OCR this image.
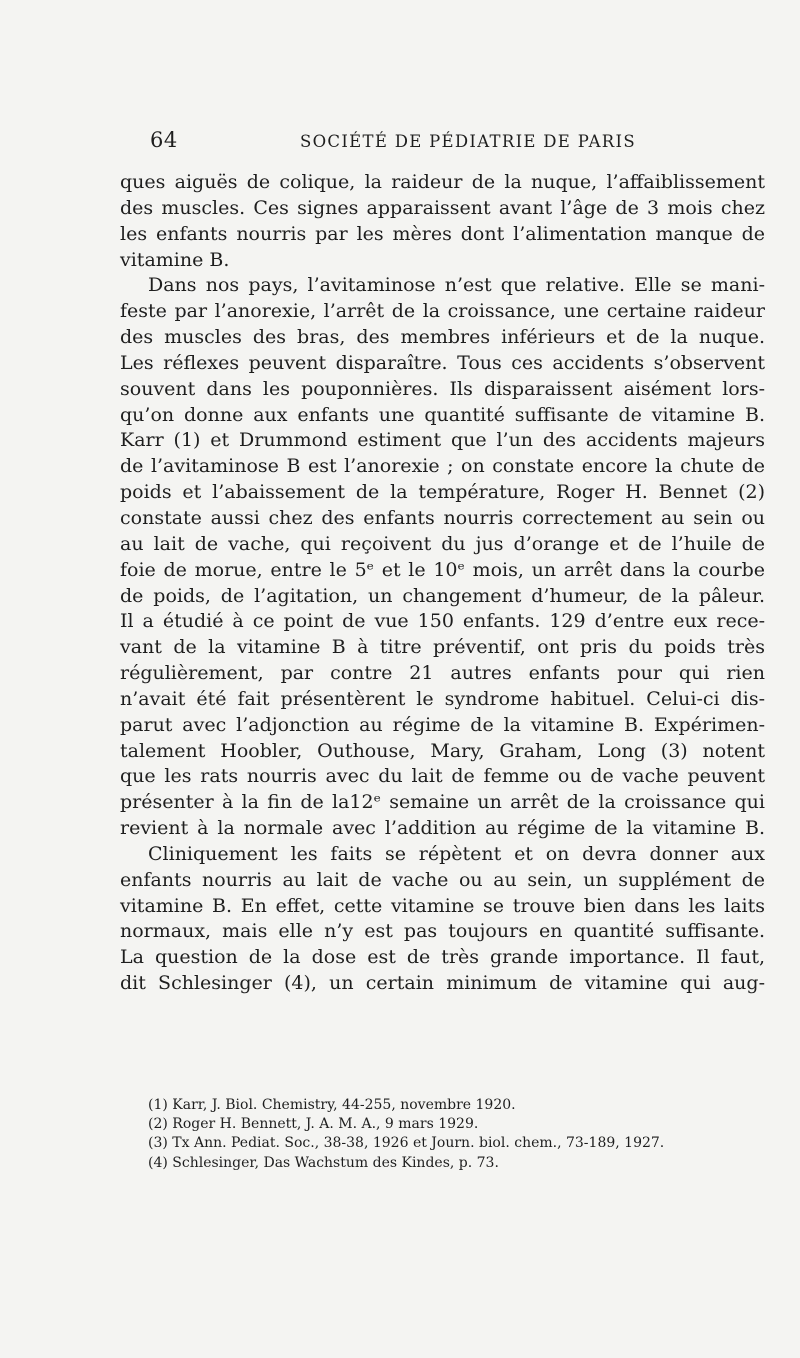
64	SOCIÉTÉ DE PÉDIATRIE DE PARIS
ques aiguës de colique, la raideur de la nuque, l’affaiblissement
des muscles. Ces signes apparaissent avant l’âge de 3 mois chez
les enfants nourris par les mères dont l’alimentation manque de
vitamine B.
Dans nos pays, l’avitaminose n’est que relative. Elle se mani-
feste par l’anorexie, l’arrêt de la croissance, une certaine raideur
des muscles des bras, des membres inférieurs et de la nuque.
Les réflexes peuvent disparaître. Tous ces accidents s’observent
souvent dans les pouponnières. Ils disparaissent aisément lors-
qu’on donne aux enfants une quantité suffisante de vitamine B.
Karr (1) et Drummond estiment que l’un des accidents majeurs
de l’avitaminose B est l’anorexie ; on constate encore la chute de
poids et l’abaissement de la température, Roger H. Bennet (2)
constate aussi chez des enfants nourris correctement au sein ou
au lait de vache, qui reçoivent du jus d’orange et de l’huile de
foie de morue, entre le 5ᵉ et le 10ᵉ mois, un arrêt dans la courbe
de poids, de l’agitation, un changement d’humeur, de la pâleur.
Il a étudié à ce point de vue 150 enfants. 129 d’entre eux rece-
vant de la vitamine B à titre préventif, ont pris du poids très
régulièrement, par contre 21 autres enfants pour qui rien
n’avait été fait présentèrent le syndrome habituel. Celui-ci dis-
parut avec l’adjonction au régime de la vitamine B. Expérimen-
talement Hoobler, Outhouse, Mary, Graham, Long (3) notent
que les rats nourris avec du lait de femme ou de vache peuvent
présenter à la fin de la12ᵉ semaine un arrêt de la croissance qui
revient à la normale avec l’addition au régime de la vitamine B.
Cliniquement les faits se répètent et on devra donner aux
enfants nourris au lait de vache ou au sein, un supplément de
vitamine B. En effet, cette vitamine se trouve bien dans les laits
normaux, mais elle n’y est pas toujours en quantité suffisante.
La question de la dose est de très grande importance. Il faut,
dit Schlesinger (4), un certain minimum de vitamine qui aug-
(1) Karr, J. Biol. Chemistry, 44-255, novembre 1920.
(2) Roger H. Bennett, J. A. M. A., 9 mars 1929.
(3) Tx Ann. Pediat. Soc., 38-38, 1926 et Journ. biol. chem., 73-189, 1927.
(4) Schlesinger, Das Wachstum des Kindes, p. 73.
